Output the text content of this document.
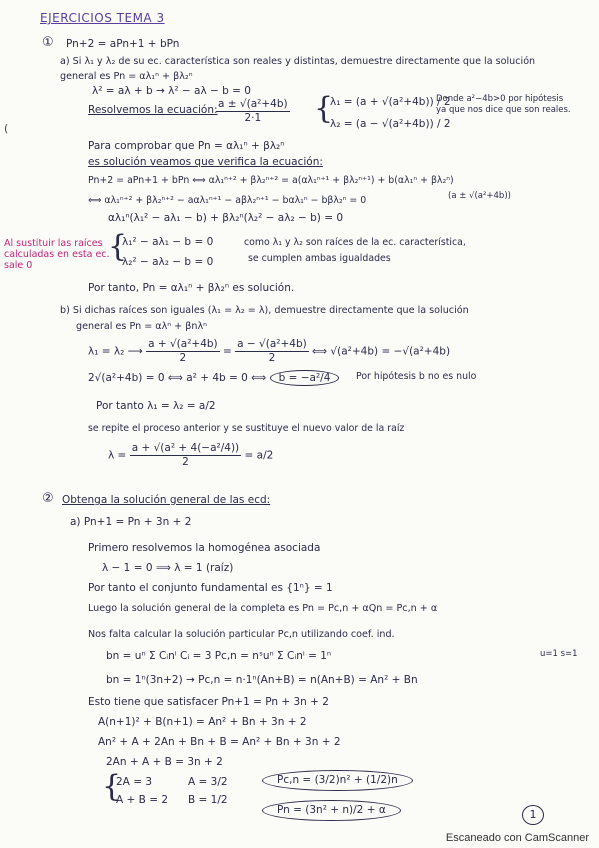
EJERCICIOS TEMA 3
(
① Pn+2 = aPn+1 + bPn
a) Si λ₁ y λ₂ de su ec. característica son reales y distintas, demuestre directamente que la solución general es Pn = αλ₁ⁿ + βλ₂ⁿ
λ² = aλ + b → λ² − aλ − b = 0
Resolvemos la ecuación:
$\frac{\text{a ± √(a²+4b)}}{2\cdot 1}$ {
λ₁ = (a + √(a²+4b)) / 2
λ₂ = (a − √(a²+4b)) / 2
Donde a²−4b>0 por hipótesis ya que nos dice que son reales.
Para comprobar que Pn = αλ₁ⁿ + βλ₂ⁿ
es solución veamos que verifica la ecuación:
Pn+2 = aPn+1 + bPn ⟺ αλ₁ⁿ⁺² + βλ₂ⁿ⁺² = a(αλ₁ⁿ⁺¹ + βλ₂ⁿ⁺¹) + b(αλ₁ⁿ + βλ₂ⁿ)
⟺ αλ₁ⁿ⁺² + βλ₂ⁿ⁺² − aαλ₁ⁿ⁺¹ − aβλ₂ⁿ⁺¹ − bαλ₁ⁿ − bβλ₂ⁿ = 0	(a ± √(a²+4b))
αλ₁ⁿ(λ₁² − aλ₁ − b) + βλ₂ⁿ(λ₂² − aλ₂ − b) = 0
{
λ₁² − aλ₁ − b = 0
λ₂² − aλ₂ − b = 0
como λ₁ y λ₂ son raíces de la ec. característica,
se cumplen ambas igualdades
Al sustituir las raíces calculadas en esta ec. sale 0
Por tanto, Pn = αλ₁ⁿ + βλ₂ⁿ es solución.
b) Si dichas raíces son iguales (λ₁ = λ₂ = λ), demuestre directamente que la solución
general es Pn = αλⁿ + βnλⁿ
λ₁ = λ₂ ⟶ $\frac{\text{a + √(a²+4b)}}{2} = \frac{\text{a − √(a²+4b)}}{2}$ ⟺ √(a²+4b) = −√(a²+4b)
2√(a²+4b) = 0 ⟺ a² + 4b = 0 ⟺ b = −a²/4	Por hipótesis b no es nulo
Por tanto λ₁ = λ₂ = a/2
se repite el proceso anterior y se sustituye el nuevo valor de la raíz
$\lambda = \frac{\text{a + √(a² + 4(−a²/4))}}{2} = a/2$
② Obtenga la solución general de las ecd:
a) Pn+1 = Pn + 3n + 2
Primero resolvemos la homogénea asociada
λ − 1 = 0 ⟹ λ = 1 (raíz)
Por tanto el conjunto fundamental es {1ⁿ} = 1
Luego la solución general de la completa es Pn = Pc,n + αQn = Pc,n + α
Nos falta calcular la solución particular Pc,n utilizando coef. ind.
bn = uⁿ Σ Cᵢnⁱ Cᵢ = 3 Pc,n = nˢuⁿ Σ Cᵢnⁱ = 1ⁿ	u=1 s=1
bn = 1ⁿ(3n+2) → Pc,n = n·1ⁿ(An+B) = n(An+B) = An² + Bn
Esto tiene que satisfacer Pn+1 = Pn + 3n + 2
A(n+1)² + B(n+1) = An² + Bn + 3n + 2
An² + A + 2An + Bn + B = An² + Bn + 3n + 2
2An + A + B = 3n + 2
{
2A = 3
A + B = 2
A = 3/2
B = 1/2
Pc,n = (3/2)n² + (1/2)n
Pn = (3n² + n)/2 + α	1
Escaneado con CamScanner
